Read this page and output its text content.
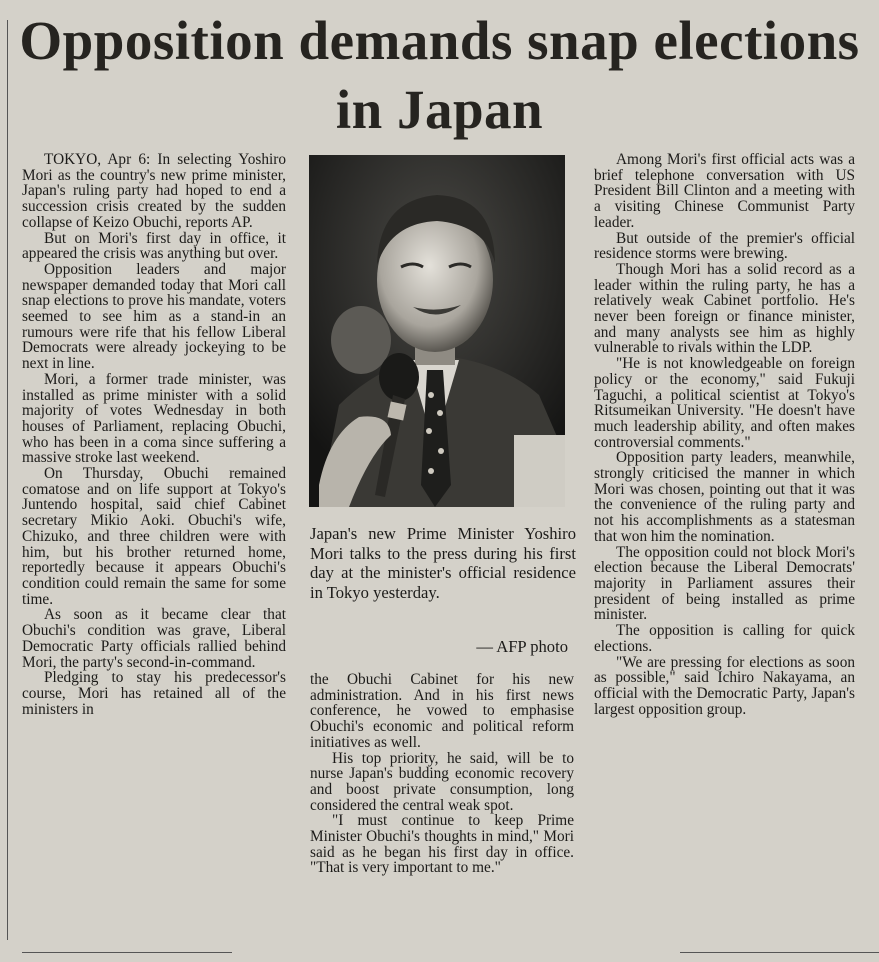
Opposition demands snap elections in Japan

TOKYO, Apr 6: In selecting Yoshiro Mori as the country's new prime minister, Japan's ruling party had hoped to end a succession crisis created by the sudden collapse of Keizo Obuchi, reports AP.

But on Mori's first day in office, it appeared the crisis was anything but over.

Opposition leaders and major newspaper demanded today that Mori call snap elections to prove his mandate, voters seemed to see him as a stand-in an rumours were rife that his fellow Liberal Democrats were already jockeying to be next in line.

Mori, a former trade minister, was installed as prime minister with a solid majority of votes Wednesday in both houses of Parliament, replacing Obuchi, who has been in a coma since suffering a massive stroke last weekend.

On Thursday, Obuchi remained comatose and on life support at Tokyo's Juntendo hospital, said chief Cabinet secretary Mikio Aoki. Obuchi's wife, Chizuko, and three children were with him, but his brother returned home, reportedly because it appears Obuchi's condition could remain the same for some time.

As soon as it became clear that Obuchi's condition was grave, Liberal Democratic Party officials rallied behind Mori, the party's second-in-command.

Pledging to stay his predecessor's course, Mori has retained all of the ministers in

Japan's new Prime Minister Yoshiro Mori talks to the press during his first day at the minister's official residence in Tokyo yesterday.
— AFP photo

the Obuchi Cabinet for his new administration. And in his first news conference, he vowed to emphasise Obuchi's economic and political reform initiatives as well.

His top priority, he said, will be to nurse Japan's budding economic recovery and boost private consumption, long considered the central weak spot.

"I must continue to keep Prime Minister Obuchi's thoughts in mind," Mori said as he began his first day in office. "That is very important to me."

Among Mori's first official acts was a brief telephone conversation with US President Bill Clinton and a meeting with a visiting Chinese Communist Party leader.

But outside of the premier's official residence storms were brewing.

Though Mori has a solid record as a leader within the ruling party, he has a relatively weak Cabinet portfolio. He's never been foreign or finance minister, and many analysts see him as highly vulnerable to rivals within the LDP.

"He is not knowledgeable on foreign policy or the economy," said Fukuji Taguchi, a political scientist at Tokyo's Ritsumeikan University. "He doesn't have much leadership ability, and often makes controversial comments."

Opposition party leaders, meanwhile, strongly criticised the manner in which Mori was chosen, pointing out that it was the convenience of the ruling party and not his accomplishments as a statesman that won him the nomination.

The opposition could not block Mori's election because the Liberal Democrats' majority in Parliament assures their president of being installed as prime minister.

The opposition is calling for quick elections.

"We are pressing for elections as soon as possible," said Ichiro Nakayama, an official with the Democratic Party, Japan's largest opposition group.
